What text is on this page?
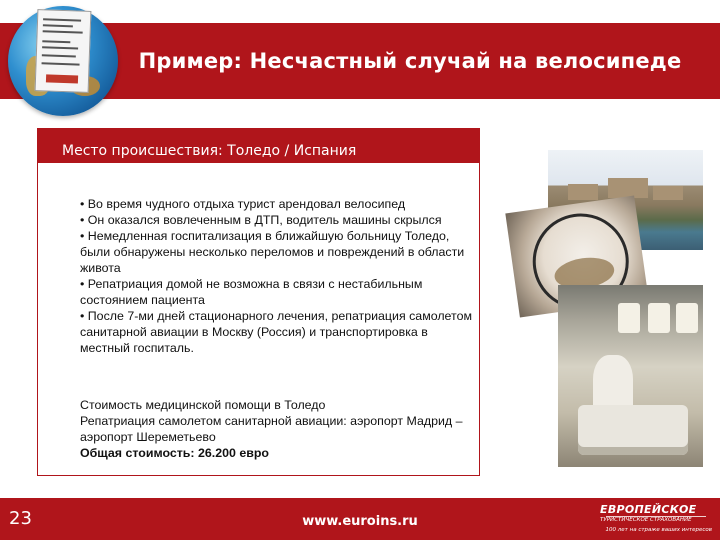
Пример: Несчастный случай на велосипеде
Место происшествия: Толедо / Испания
• Во время чудного отдыха турист арендовал велосипед
• Он оказался вовлеченным в ДТП, водитель машины скрылся
• Немедленная госпитализация в ближайшую больницу Толедо, были обнаружены несколько переломов и повреждений в области живота
• Репатриация домой не возможна в связи с нестабильным состоянием пациента
• После 7-ми дней стационарного лечения, репатриация самолетом санитарной авиации в Москву (Россия) и транспортировка в местный госпиталь.
Стоимость медицинской помощи в Толедо
Репатриация самолетом санитарной авиации: аэропорт Мадрид – аэропорт Шереметьево
Общая стоимость: 26.200 евро
23	www.euroins.ru
ЕВРОПЕЙСКОЕ
ТУРИСТИЧЕСКОЕ СТРАХОВАНИЕ
100 лет на страже ваших интересов
